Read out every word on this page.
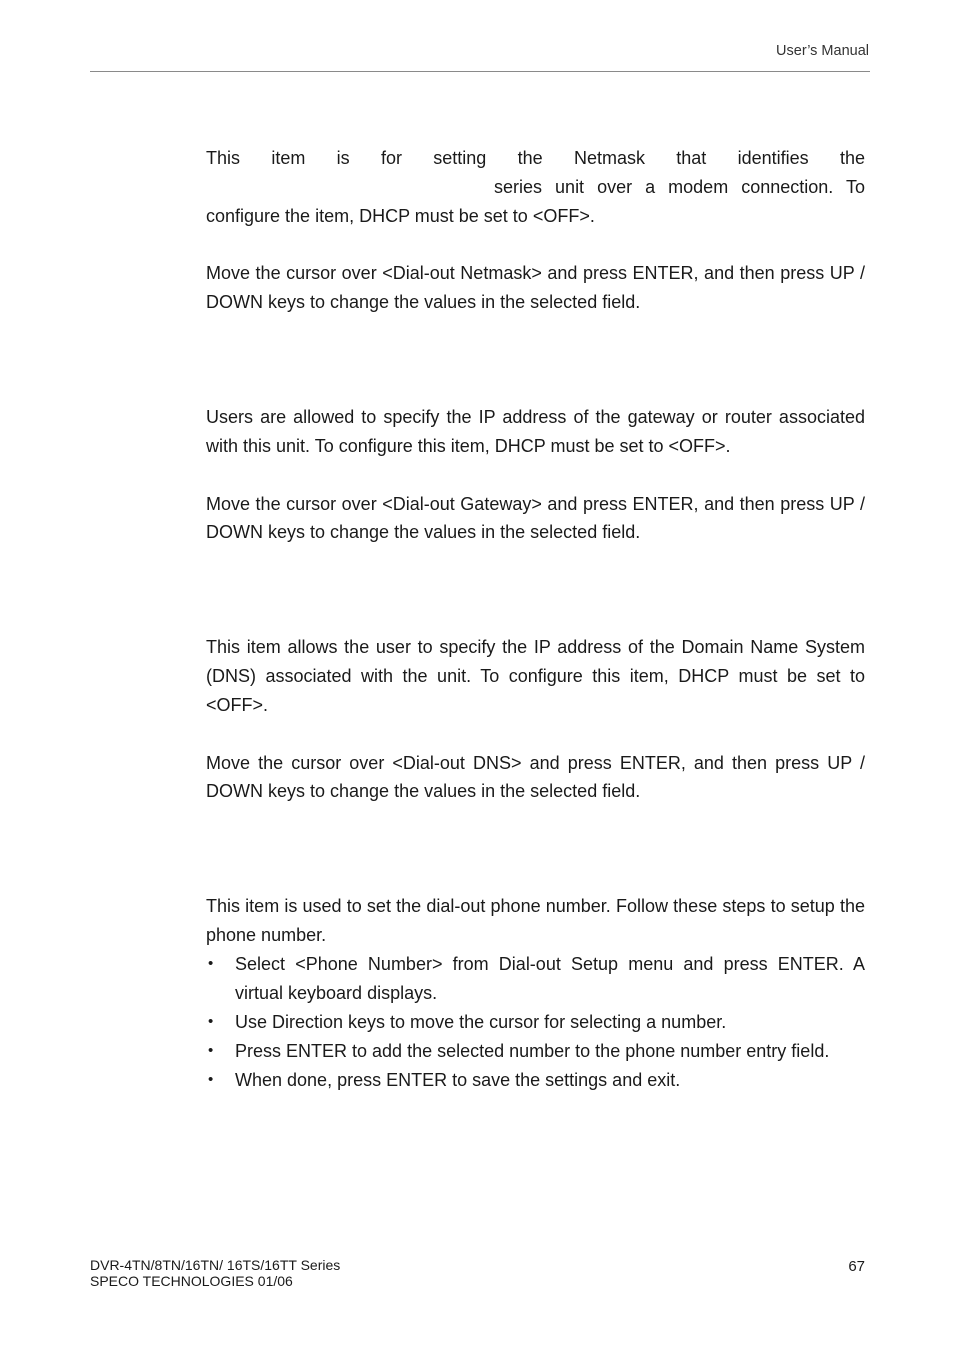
User’s Manual

This item is for setting the Netmask that identifies the

series unit over a modem connection. To configure the item, DHCP must be set to <OFF>.

Move the cursor over <Dial-out Netmask> and press ENTER, and then press UP / DOWN keys to change the values in the selected field.

Users are allowed to specify the IP address of the gateway or router associated with this unit. To configure this item, DHCP must be set to <OFF>.

Move the cursor over <Dial-out Gateway> and press ENTER, and then press UP / DOWN keys to change the values in the selected field.

This item allows the user to specify the IP address of the Domain Name System (DNS) associated with the unit. To configure this item, DHCP must be set to <OFF>.

Move the cursor over <Dial-out DNS> and press ENTER, and then press UP / DOWN keys to change the values in the selected field.

This item is used to set the dial-out phone number. Follow these steps to setup the phone number.

• Select <Phone Number> from Dial-out Setup menu and press ENTER. A virtual keyboard displays.
• Use Direction keys to move the cursor for selecting a number.
• Press ENTER to add the selected number to the phone number entry field.
• When done, press ENTER to save the settings and exit.
DVR-4TN/8TN/16TN/ 16TS/16TT Series
SPECO TECHNOLOGIES 01/06
67
